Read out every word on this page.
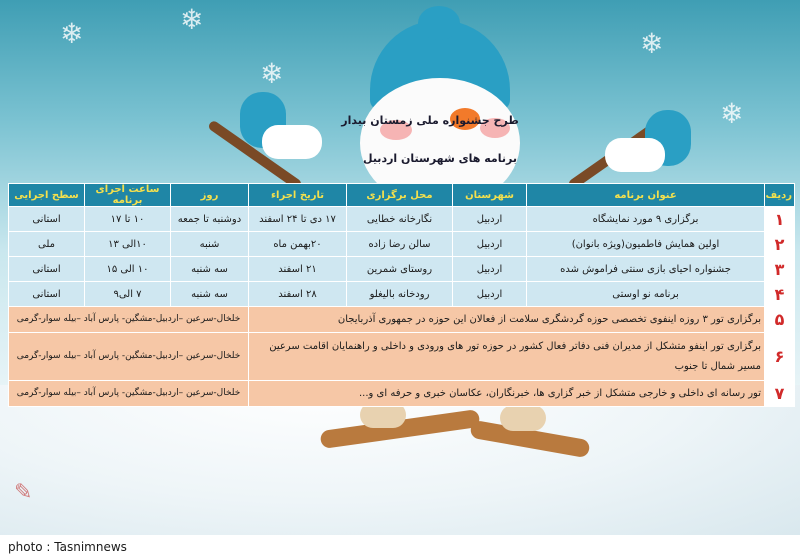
❄	❄
❄
❄
❄
طرح جشنواره ملی زمستان بیدار
برنامه های شهرستان اردبیل
ردیف	عنوان برنامه	شهرستان	محل برگزاری	تاریخ اجراء	روز	ساعت اجرای برنامه	سطح اجرایی
۱	برگزاری ۹ مورد نمایشگاه	اردبیل	نگارخانه خطایی	۱۷ دی تا ۲۴ اسفند	دوشنبه تا جمعه	۱۰ تا ۱۷	استانی
۲	اولین همایش فاطمیون(ویژه بانوان)	اردبیل	سالن رضا زاده	۲۰بهمن ماه	شنبه	۱۰الی ۱۳	ملی
۳	جشنواره احیای بازی سنتی فراموش شده	اردبیل	روستای شمرین	۲۱ اسفند	سه شنبه	۱۰ الی ۱۵	استانی
۴	برنامه نو اوستی	اردبیل	رودخانه بالیغلو	۲۸ اسفند	سه شنبه	۷ الی۹	استانی
۵	برگزاری تور ۳ روزه اینفوی تخصصی حوزه گردشگری سلامت از فعالان این حوزه در جمهوری آذربایجان				خلخال-سرعین –اردبیل-مشگین- پارس آباد –بیله سوار-گرمی		
۶	برگزاری تور اینفو متشکل از مدیران فنی دفاتر فعال کشور در حوزه تور های ورودی و داخلی و راهنمایان اقامت سرعین مسیر شمال تا جنوب				خلخال-سرعین –اردبیل-مشگین- پارس آباد –بیله سوار-گرمی		
۷	تور رسانه ای داخلی و خارجی متشکل از خبر گزاری ها، خبرنگاران، عکاسان خبری و حرفه ای و...				خلخال-سرعین –اردبیل-مشگین- پارس آباد –بیله سوار-گرمی		
✎
photo : Tasnimnews
